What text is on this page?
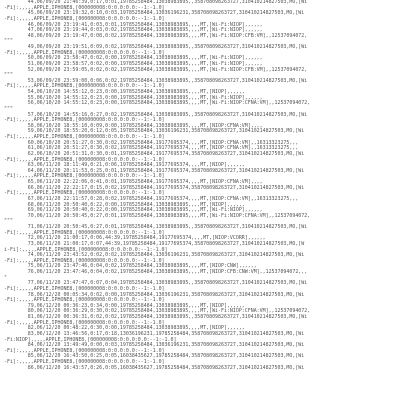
44,06/09/20 21:46:39,0:17,0:01,19785258484,13038983895,,358708098263727,310410214827503,MO,[Wi
-Fi]:,,,,,APPLE,IPHONE8,[000000008:0:0.0:0.0:--1:-1.0]
45,06/09/20 23:19:32,0:10,0:03,19785258484,13036196231,358708098263727,310410214827503,MO,[Wi
-Fi]:,,,,,APPLE,IPHONE8,[000000008:0:0.0:0.0:--1:-1.0]
46,06/09/20 23:19:41,0:03,0:01,19785258484,13038983895,,,,MT,[Wi-Fi:NIOP],,,,,,
47,06/09/20 23:19:44,0:03,0:02,19785258484,13038983895,,,,MT,[Wi-Fi:NIOP],,,,,,
48,06/09/20 23:19:47,0:08,0:02,19785258484,13038983895,,,,MT,[Wi-Fi:NIOP:CFB:VM],,12537094072,
"""
49,06/09/20 23:19:51,0:09,0:02,19785258484,13038983895,,358708098263727,310410214827503,MO,[Wi
-Fi]:,,,,,APPLE,IPHONE8,[000000008:0:0.0:0.0:--1:-1.0]
50,06/09/20 23:58:47,0:02,0:00,19785258484,13038983895,,,,MT,[Wi-Fi:NIOP],,,,,,
51,06/09/20 23:58:57,0:02,0:00,19785258484,13038983895,,,,MT,[Wi-Fi:NIOP],,,,,,
52,06/09/20 23:59:05,0:02,0:02,19785258484,13038983895,,,,MT,[Wi-Fi:NIOP:CFB:VM],,12537094072,
"""
53,06/09/20 23:59:00,0:06,0:02,19785258484,13038983895,,358708098263727,310410214827503,MO,[Wi
-Fi]:,,,,,APPLE,IPHONE8,[000000008:0:0.0:0.0:--1:-1.0]
54,06/10/20 14:55:12,0:23,0:00,19785258484,13038983895,,,,MT,[NIOP],,,,,,
55,06/10/20 14:55:12,0:23,0:00,19785258484,13038983895,,,,MT,[Wi-Fi:NIOP],,,,,,
56,06/10/20 14:55:12,0:23,0:00,19785258484,13038983895,,,,MT,[Wi-Fi:NIOP:CFNA:VM],,12537094072,
"""
57,06/10/20 14:55:16,0:27,0:02,19785258484,13038983895,,358708098263727,310410214827503,MO,[Wi
-Fi]:,,,,,APPLE,IPHONE8,[000000008:0:0.0:0.0:--1:-1.0]
58,06/10/20 18:55:10,0:09,0:00,19785258484,13038983895,,,,MT,[NIOP:CFNA:VM],,,,
59,06/10/20 18:55:20,0:12,0:05,19785258484,13036196231,358708098263727,310410214827503,MO,[Wi
-Fi]:,,,,,APPLE,IPHONE8,[000000008:0:0.0:0.0:--1:-1.0]
60,06/10/20 20:51:27,0:30,0:02,19785258484,19177695374,,,,MT,[NIOP:CFNA:VM],,16313323275,,,
61,06/10/20 20:51:27,0:30,0:02,19785258484,19177695374,,,,MT,[NIOP:CFNA:VM],,16313323275,,,
62,06/10/20 20:51:31,0:30,0:01,19785258484,19177695374,358708098263727,310410214827503,MO,[Wi
-Fi]:,,,,,APPLE,IPHONE8,[000000008:0:0.0:0.0:--1:-1.0]
63,06/11/20 18:11:49,0:21,0:06,19785258484,19177695374,,,,MT,[NIOP],,,,,,
64,06/11/20 20:11:53,0:25,0:01,19785258484,19177695374,358708098263727,310410214827503,MO,[Wi
-Fi]:,,,,,APPLE,IPHONE8,[000000008:0:0.0:0.0:--1:-1.0]
65,06/11/20 22:22:06,0:41,0:01,19785258484,19177695374,,,,MT,[NIOP:CFNA:VM],,,,
66,06/11/20 22:22:17,0:15,0:02,19785258484,19177695374,358708098263727,310410214827503,MO,[Wi
-Fi]:,,,,,APPLE,IPHONE8,[000000008:0:0.0:0.0:--1:-1.0]
67,06/11/20 22:11:57,0:28,0:02,19785258484,19177695374,,,,MT,[NIOP:CFNA:VM],,16313323275,,,
68,06/11/20 20:50:40,0:22,0:00,19785258484,13038983895,,,,MT,[NIOP],,,,,,
69,06/11/20 20:50:40,0:22,0:00,19785258484,13038983895,,,,MT,[Wi-Fi:NIOP],,,,,,
70,06/11/20 20:50:45,0:27,0:01,19785258484,13038983895,,,,MT,[Wi-Fi:NIOP:CFNA:VM],,12537094072,
"""
71,06/11/20 20:50:45,0:27,0:01,19785258484,13038983895,,358708098263727,310410214827503,MO,[Wi
-Fi]:,,,,,APPLE,IPHONE8,[000000008:0:0.0:0.0:--1:-1.0]
72,06/11/20 21:00:17,0:06,44:39,19785258484,19177695374,,,,MT,[NIOP:VCORR],,,,,,
73,06/11/20 21:00:17,0:07,44:39,19785258484,19177695374,358708098263727,310410214827503,MO,[W
i-Fi]:,,,,,APPLE,IPHONE8,[000000008:0:0.0:0.0:--1:-1.0]
74,06/11/20 23:43:52,0:02,0:02,19785258484,13036196231,358708098263727,310410214827503,MO,[Wi
-Fi]:,,,,,APPLE,IPHONE8,[000000008:0:0.0:0.0:--1:-1.0]
75,06/11/20 23:47:46,0:04,0:02,19785258484,13038983895,,,,MT,[NIOP:CNW],,,,,,
76,06/11/20 23:47:46,0:04,0:02,19785258484,13038983895,,,,MT,[NIOP:CFB:CNW:VM],,12537094072,,,
"
77,06/11/20 23:47:47,0:07,0:04,19785258484,13038983895,,358708098263727,310410214827503,MO,[Wi
-Fi]:,,,,,APPLE,IPHONE8,[000000008:0:0.0:0.0:--1:-1.0]
78,06/12/20 00:05:34,0:02,0:00,19785258484,13036196231,358708098263727,310410214827503,MO,[Wi
-Fi]:,,,,,APPLE,IPHONE8,[000000008:0:0.0:0.0:--1:-1.0]
79,06/12/20 00:36:23,0:34,0:00,19785258484,13038983895,,,,MT,[NIOP],,,,,,
80,06/12/20 00:36:29,0:30,0:02,19785258484,13038983895,,,,MT,[Wi-Fi:NIOP:CFNA:VM],,12537094072,
81,06/12/20 00:36:31,0:02,0:02,19785258484,13038983895,,358708098263727,310410214827503,MO,[Wi
-Fi]:,,,,,APPLE,IPHONE8,[000000008:0:0.0:0.0:--1:-1.0]
82,06/12/20 00:48:22,0:30,0:00,19785258484,13038983895,,,,MT,[NIOP],,,,,,
83,06/12/20 13:46:56,0:17,0:18,13036196231,19785258484,358708098263727,310410214827503,MO,[Wi
-Fi:NIOP],,,,,APPLE,IPHONE8,[000000008:0:0.0:0.0:--1:-1.0]
84,06/12/20 13:49:49,0:00,0:03,19785258484,13036196231,358708098263727,310410214827503,MO,[Wi
-Fi]:,,,,,APPLE,IPHONE8,[000000008:0:0.0:0.0:--1:-1.0]
85,06/12/20 16:43:50,0:25,0:05,16038435627,19785258484,358708098263727,310410214827503,MO,[Wi
-Fi]:,,,,,APPLE,IPHONE8,[000000008:0:0.0:0.0:--1:-1.0]
86,06/12/20 16:43:57,0:26,0:05,16038435627,19785258484,358708098263727,310410214827503,MO,[Wi
